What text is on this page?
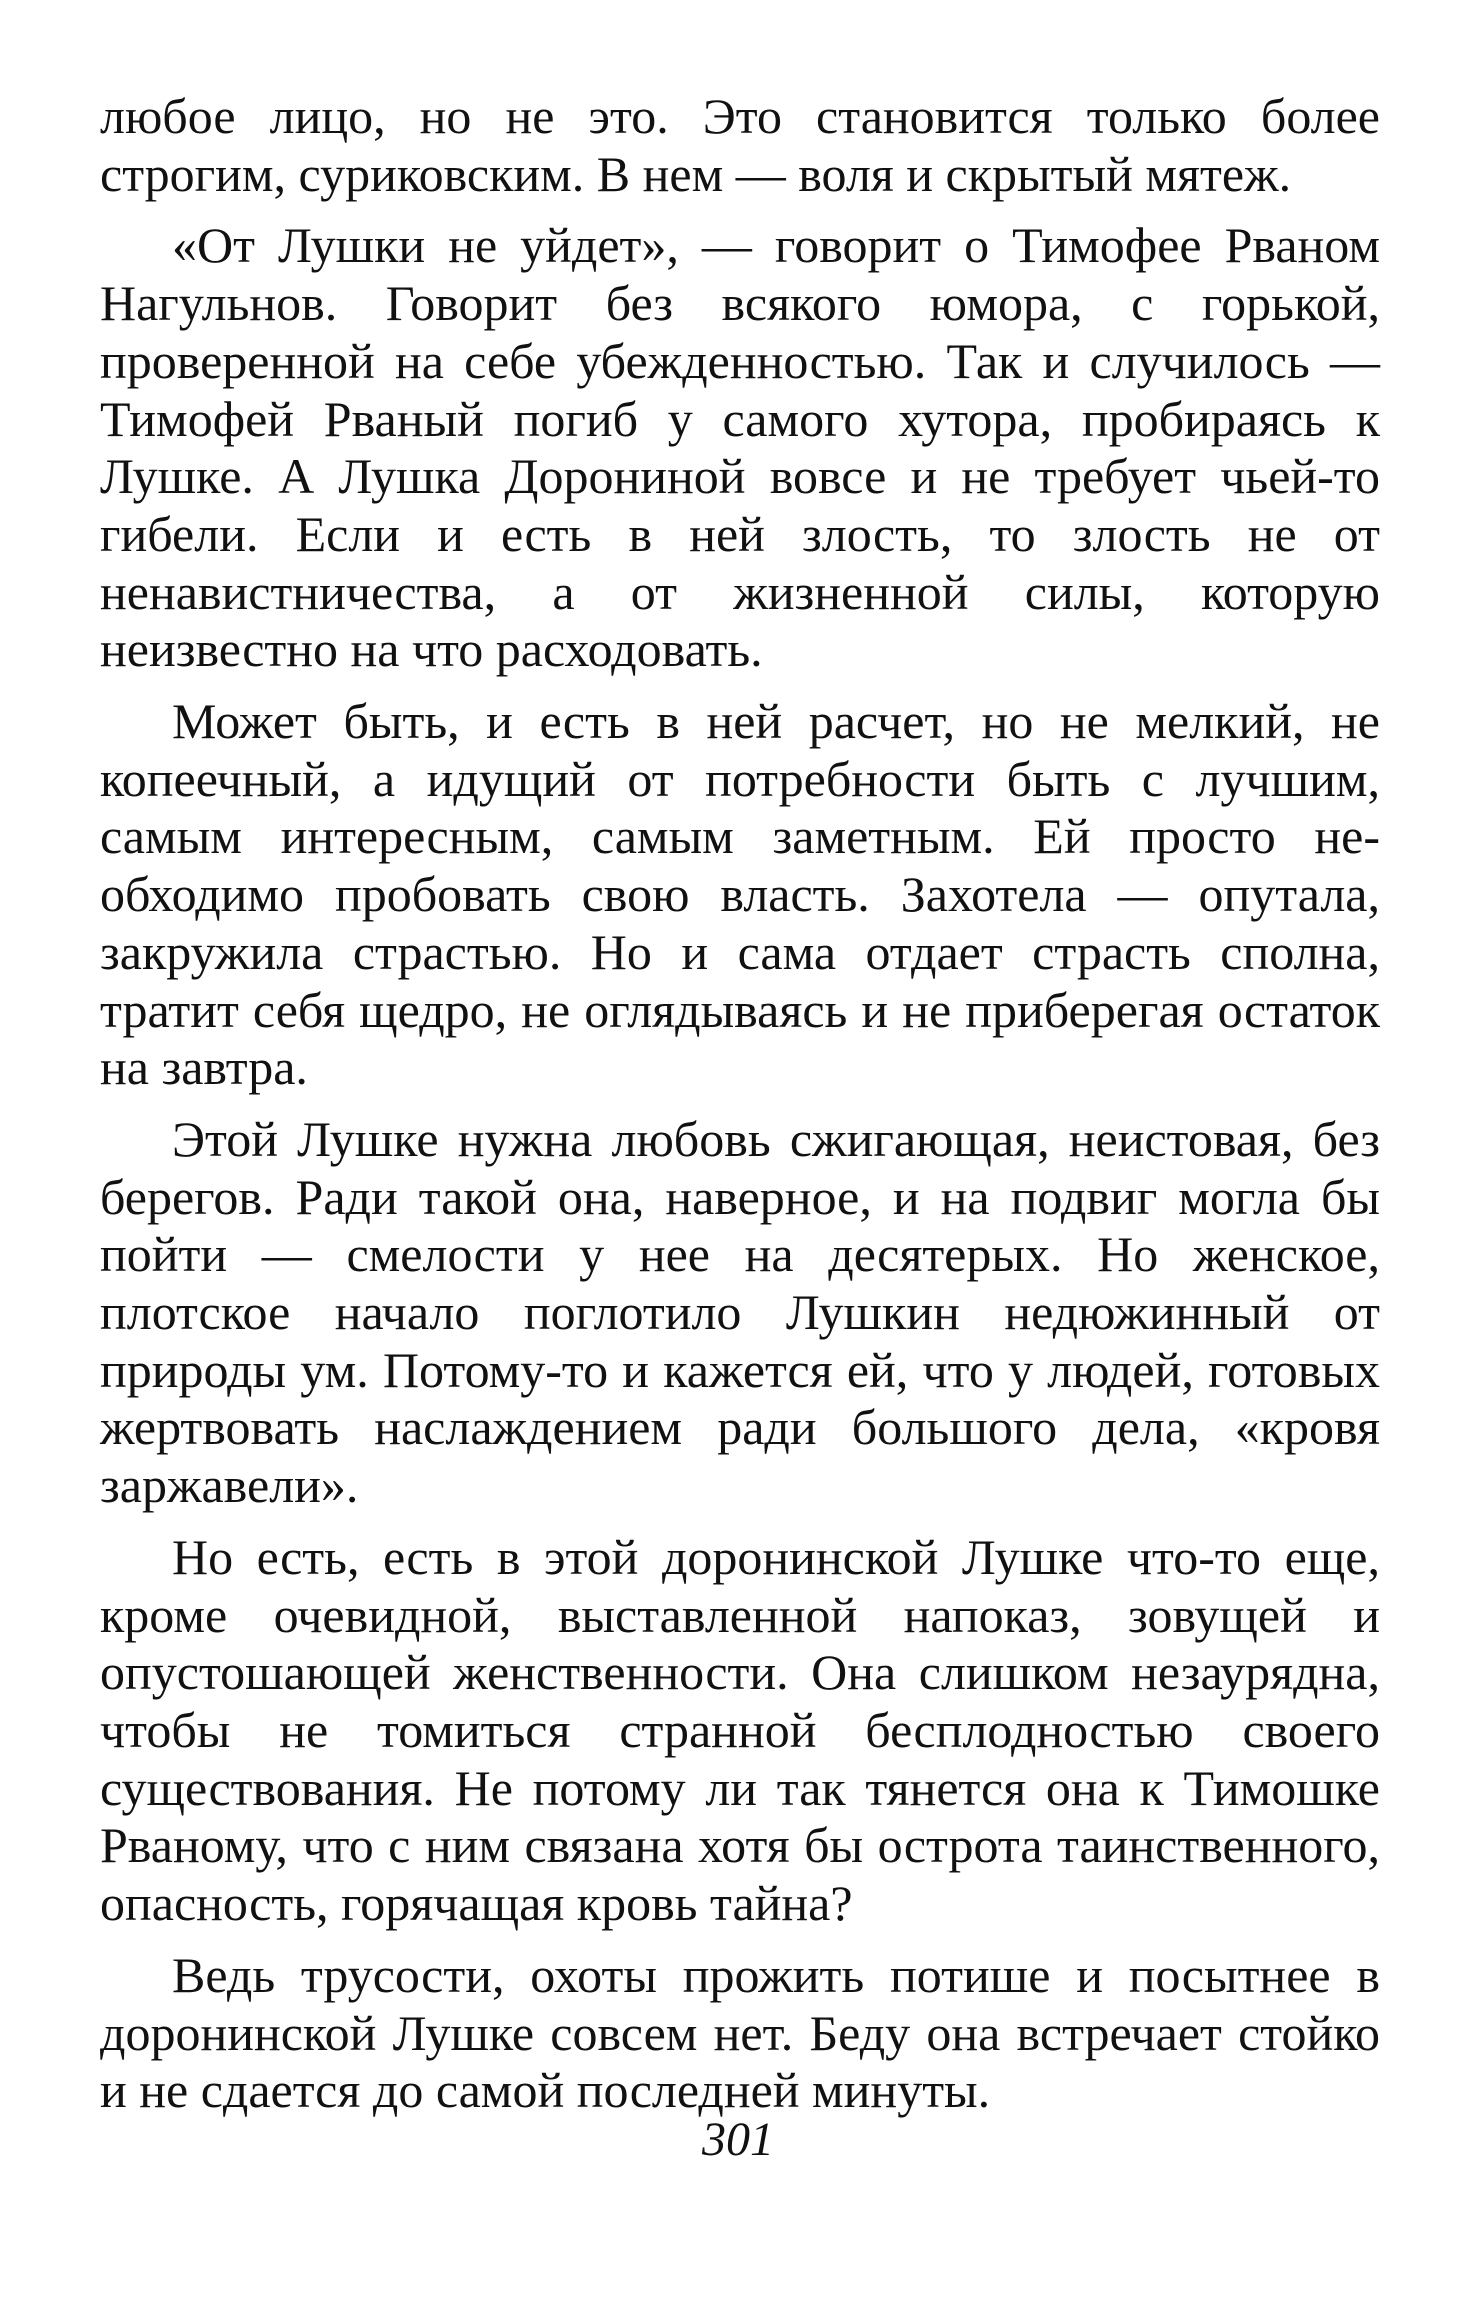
любое лицо, но не это. Это становится только более строгим, суриковским. В нем — воля и скрытый мятеж.

«От Лушки не уйдет», — говорит о Тимофее Рваном Нагульнов. Говорит без всякого юмора, с горькой, проверенной на себе убежденностью. Так и случилось — Тимофей Рваный погиб у самого хутора, пробираясь к Лушке. А Лушка Дорониной вовсе и не требует чьей-то гибели. Если и есть в ней злость, то злость не от ненавистничества, а от жизненной силы, которую неизвестно на что расходовать.

Может быть, и есть в ней расчет, но не мелкий, не копеечный, а идущий от потребности быть с лучшим, самым интересным, самым заметным. Ей просто необходимо пробовать свою власть. Захотела — опутала, закружила страстью. Но и сама отдает страсть сполна, тратит себя щедро, не оглядываясь и не приберегая остаток на завтра.

Этой Лушке нужна любовь сжигающая, неистовая, без берегов. Ради такой она, наверное, и на подвиг могла бы пойти — смелости у нее на десятерых. Но женское, плотское начало поглотило Лушкин недюжинный от природы ум. Потому-то и кажется ей, что у людей, готовых жертвовать наслаждением ради большого дела, «кровя заржавели».

Но есть, есть в этой доронинской Лушке что-то еще, кроме очевидной, выставленной напоказ, зовущей и опустошающей женственности. Она слишком незаурядна, чтобы не томиться странной бесплодностью своего существования. Не потому ли так тянется она к Тимошке Рваному, что с ним связана хотя бы острота таинственного, опасность, горячащая кровь тайна?

Ведь трусости, охоты прожить потише и посытнее в доронинской Лушке совсем нет. Беду она встречает стойко и не сдается до самой последней минуты.

301
